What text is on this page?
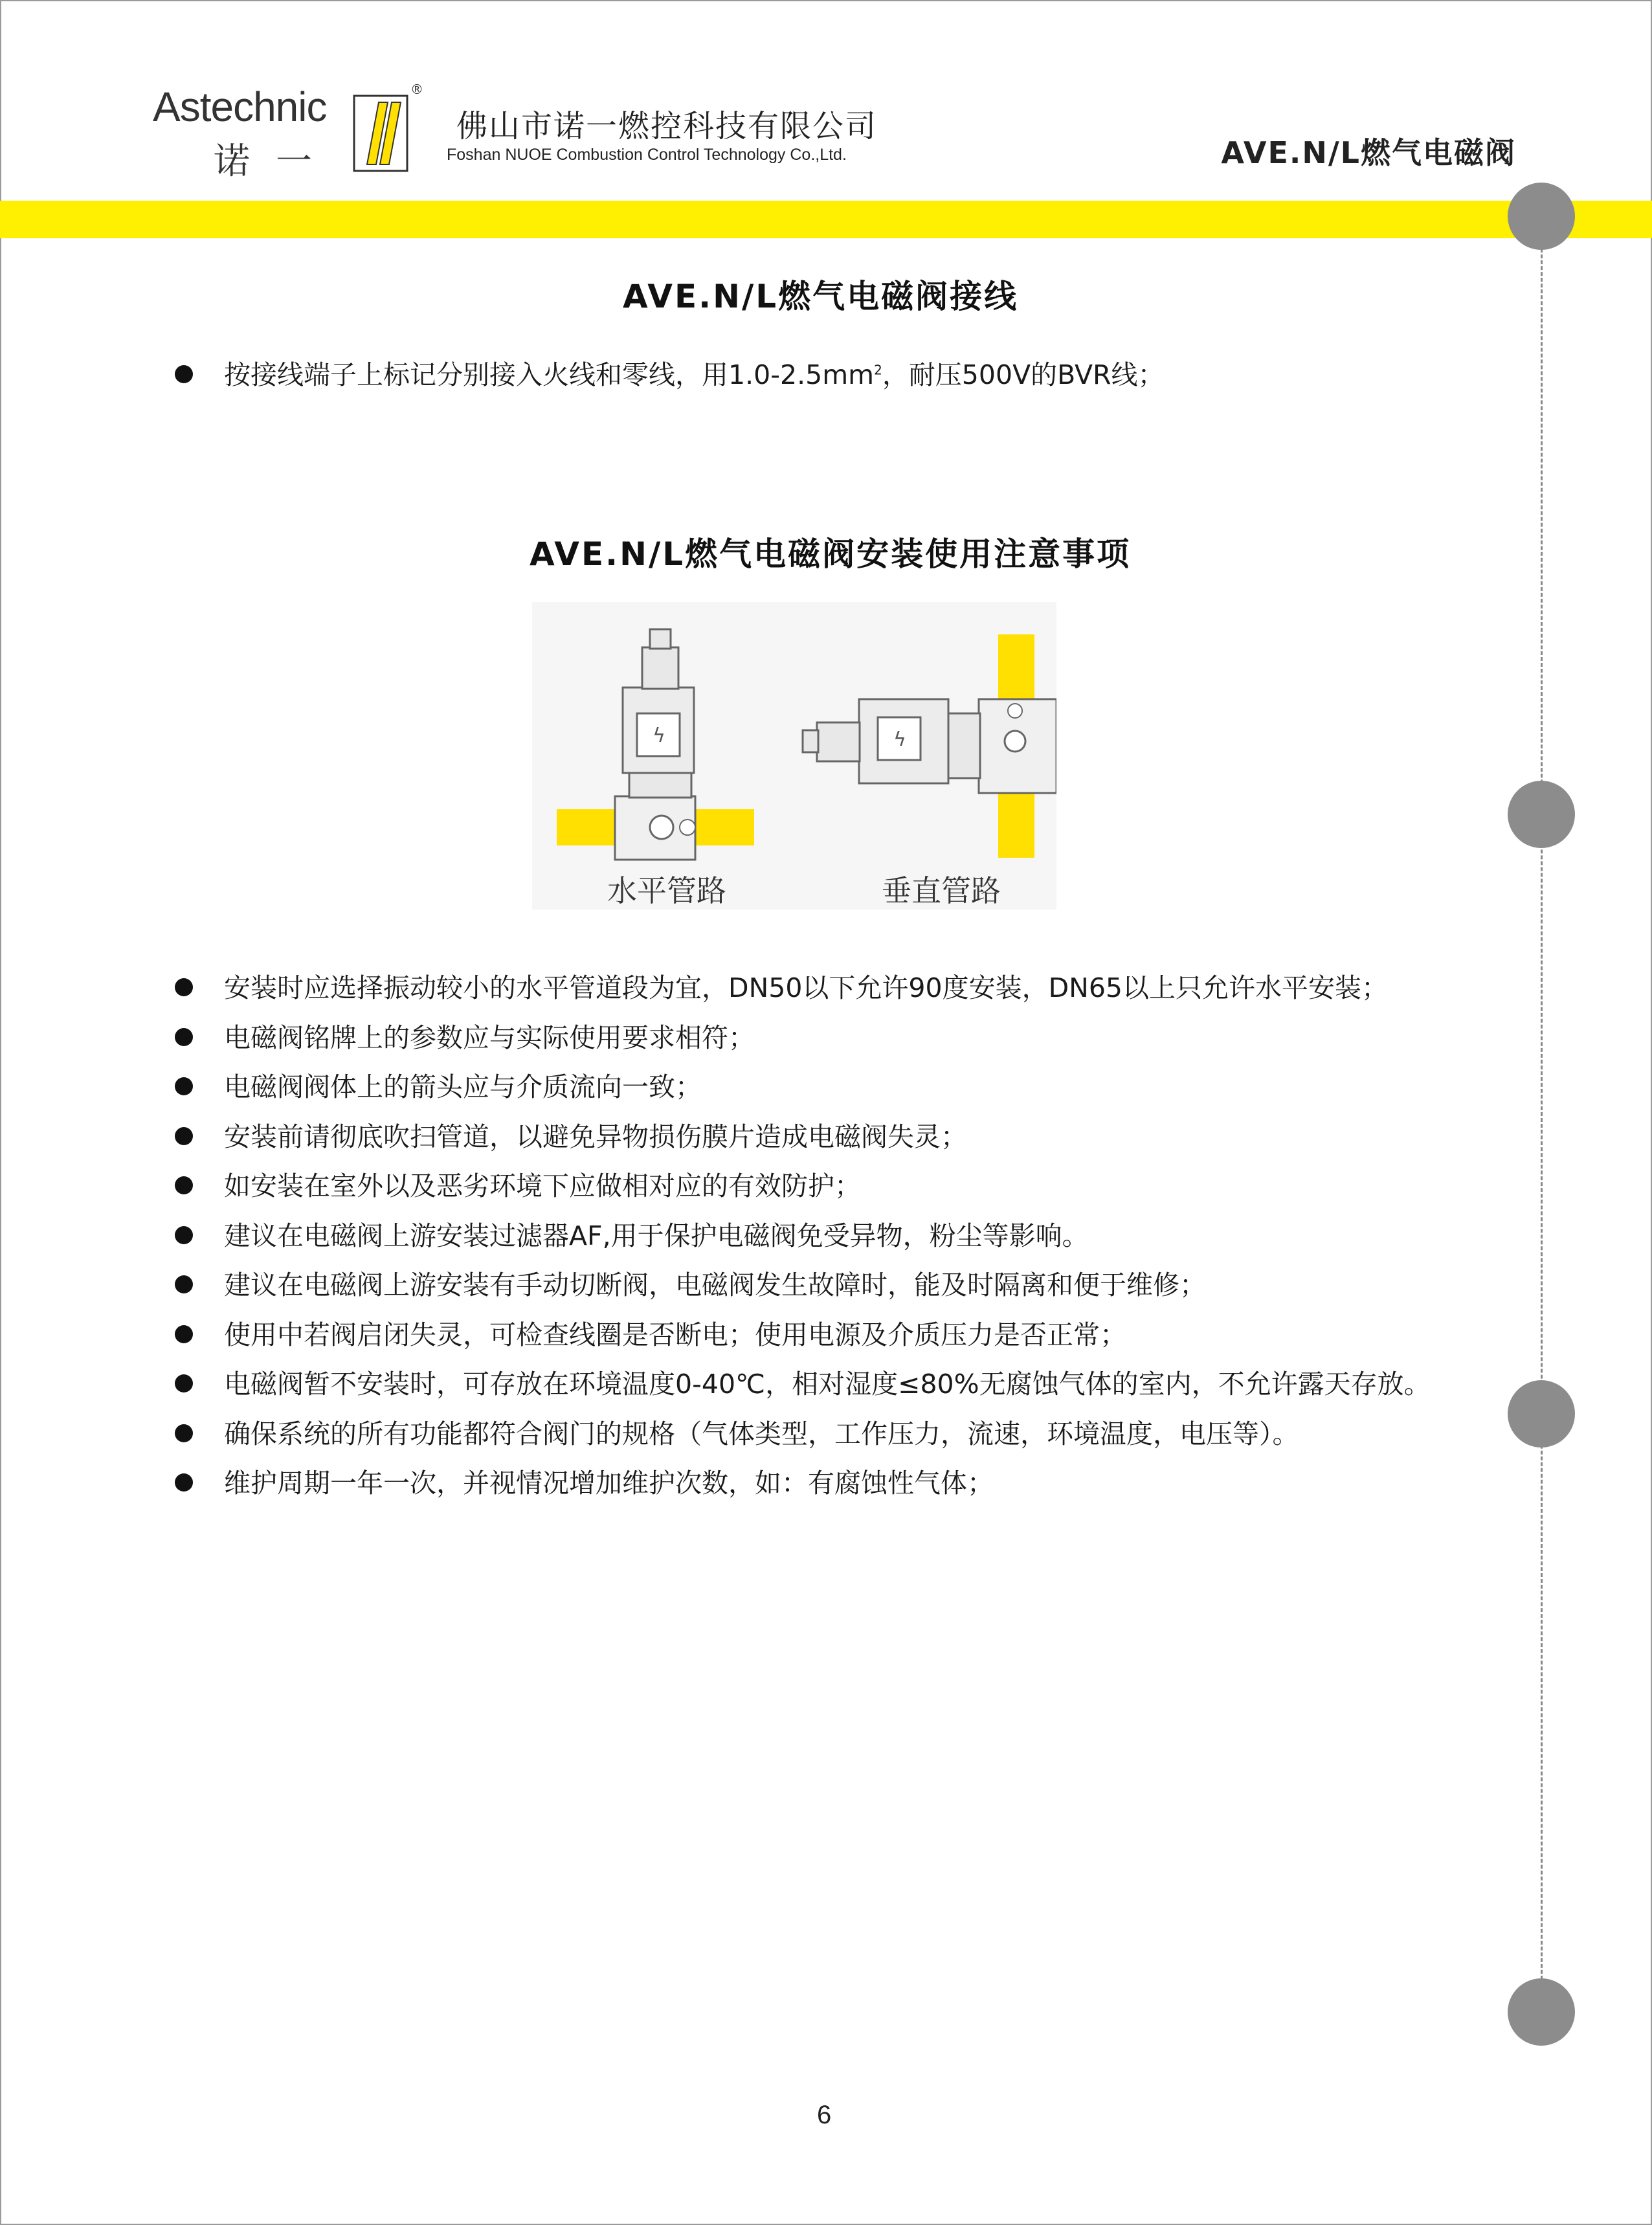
Astechnic
诺一
®
佛山市诺一燃控科技有限公司
Foshan NUOE Combustion Control Technology Co.,Ltd.	AVE.N/L燃气电磁阀
AVE.N/L燃气电磁阀接线
按接线端子上标记分别接入火线和零线，用$1.0-2.5mm^2$，耐压500V的BVR线；
AVE.N/L燃气电磁阀安装使用注意事项
ϟ	ϟ
水平管路	垂直管路
安装时应选择振动较小的水平管道段为宜，DN50以下允许90度安装，DN65以上只允许水平安装；
电磁阀铭牌上的参数应与实际使用要求相符；
电磁阀阀体上的箭头应与介质流向一致；
安装前请彻底吹扫管道，以避免异物损伤膜片造成电磁阀失灵；
如安装在室外以及恶劣环境下应做相对应的有效防护；
建议在电磁阀上游安装过滤器AF,用于保护电磁阀免受异物，粉尘等影响。
建议在电磁阀上游安装有手动切断阀，电磁阀发生故障时，能及时隔离和便于维修；
使用中若阀启闭失灵，可检查线圈是否断电；使用电源及介质压力是否正常；
电磁阀暂不安装时，可存放在环境温度0-40℃，相对湿度≤80%无腐蚀气体的室内，不允许露天存放。
确保系统的所有功能都符合阀门的规格（气体类型，工作压力，流速，环境温度，电压等）。
维护周期一年一次，并视情况增加维护次数，如：有腐蚀性气体；
6
